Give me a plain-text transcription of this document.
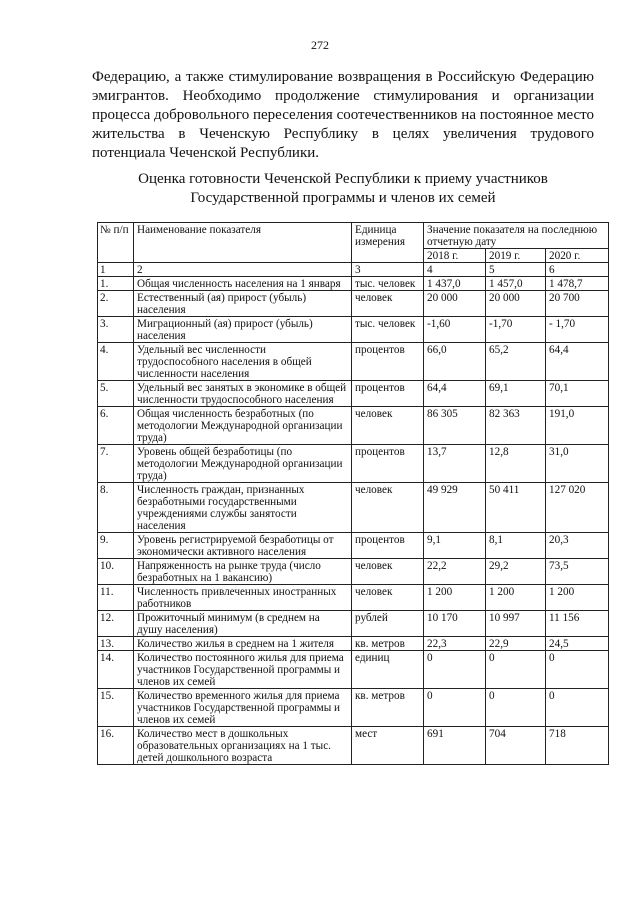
272

Федерацию, а также стимулирование возвращения в Российскую Федерацию эмигрантов. Необходимо продолжение стимулирования и организации процесса добровольного переселения соотечественников на постоянное место жительства в Чеченскую Республику в целях увеличения трудового потенциала Чеченской Республики.

Оценка готовности Чеченской Республики к приему участников
Государственной программы и членов их семей
№ п/п	Наименование показателя	Единица измерения	Значение показателя на последнюю отчетную дату		
			2018 г.	2019 г.	2020 г.
1	2	3	4	5	6
1.	Общая численность населения на 1 января	тыс. человек	1 437,0	1 457,0	1 478,7
2.	Естественный (ая) прирост (убыль) населения	человек	20 000	20 000	20 700
3.	Миграционный (ая) прирост (убыль) населения	тыс. человек	-1,60	-1,70	- 1,70
4.	Удельный вес численности трудоспособного населения в общей численности населения	процентов	66,0	65,2	64,4
5.	Удельный вес занятых в экономике в общей численности трудоспособного населения	процентов	64,4	69,1	70,1
6.	Общая численность безработных (по методологии Международной организации труда)	человек	86 305	82 363	191,0
7.	Уровень общей безработицы (по методологии Международной организации труда)	процентов	13,7	12,8	31,0
8.	Численность граждан, признанных безработными государственными учреждениями службы занятости населения	человек	49 929	50 411	127 020
9.	Уровень регистрируемой безработицы от экономически активного населения	процентов	9,1	8,1	20,3
10.	Напряженность на рынке труда (число безработных на 1 вакансию)	человек	22,2	29,2	73,5
11.	Численность привлеченных иностранных работников	человек	1 200	1 200	1 200
12.	Прожиточный минимум (в среднем на душу населения)	рублей	10 170	10 997	11 156
13.	Количество жилья в среднем на 1 жителя	кв. метров	22,3	22,9	24,5
14.	Количество постоянного жилья для приема участников Государственной программы и членов их семей	единиц	0	0	0
15.	Количество временного жилья для приема участников Государственной программы и членов их семей	кв. метров	0	0	0
16.	Количество мест в дошкольных образовательных организациях на 1 тыс. детей дошкольного возраста	мест	691	704	718
